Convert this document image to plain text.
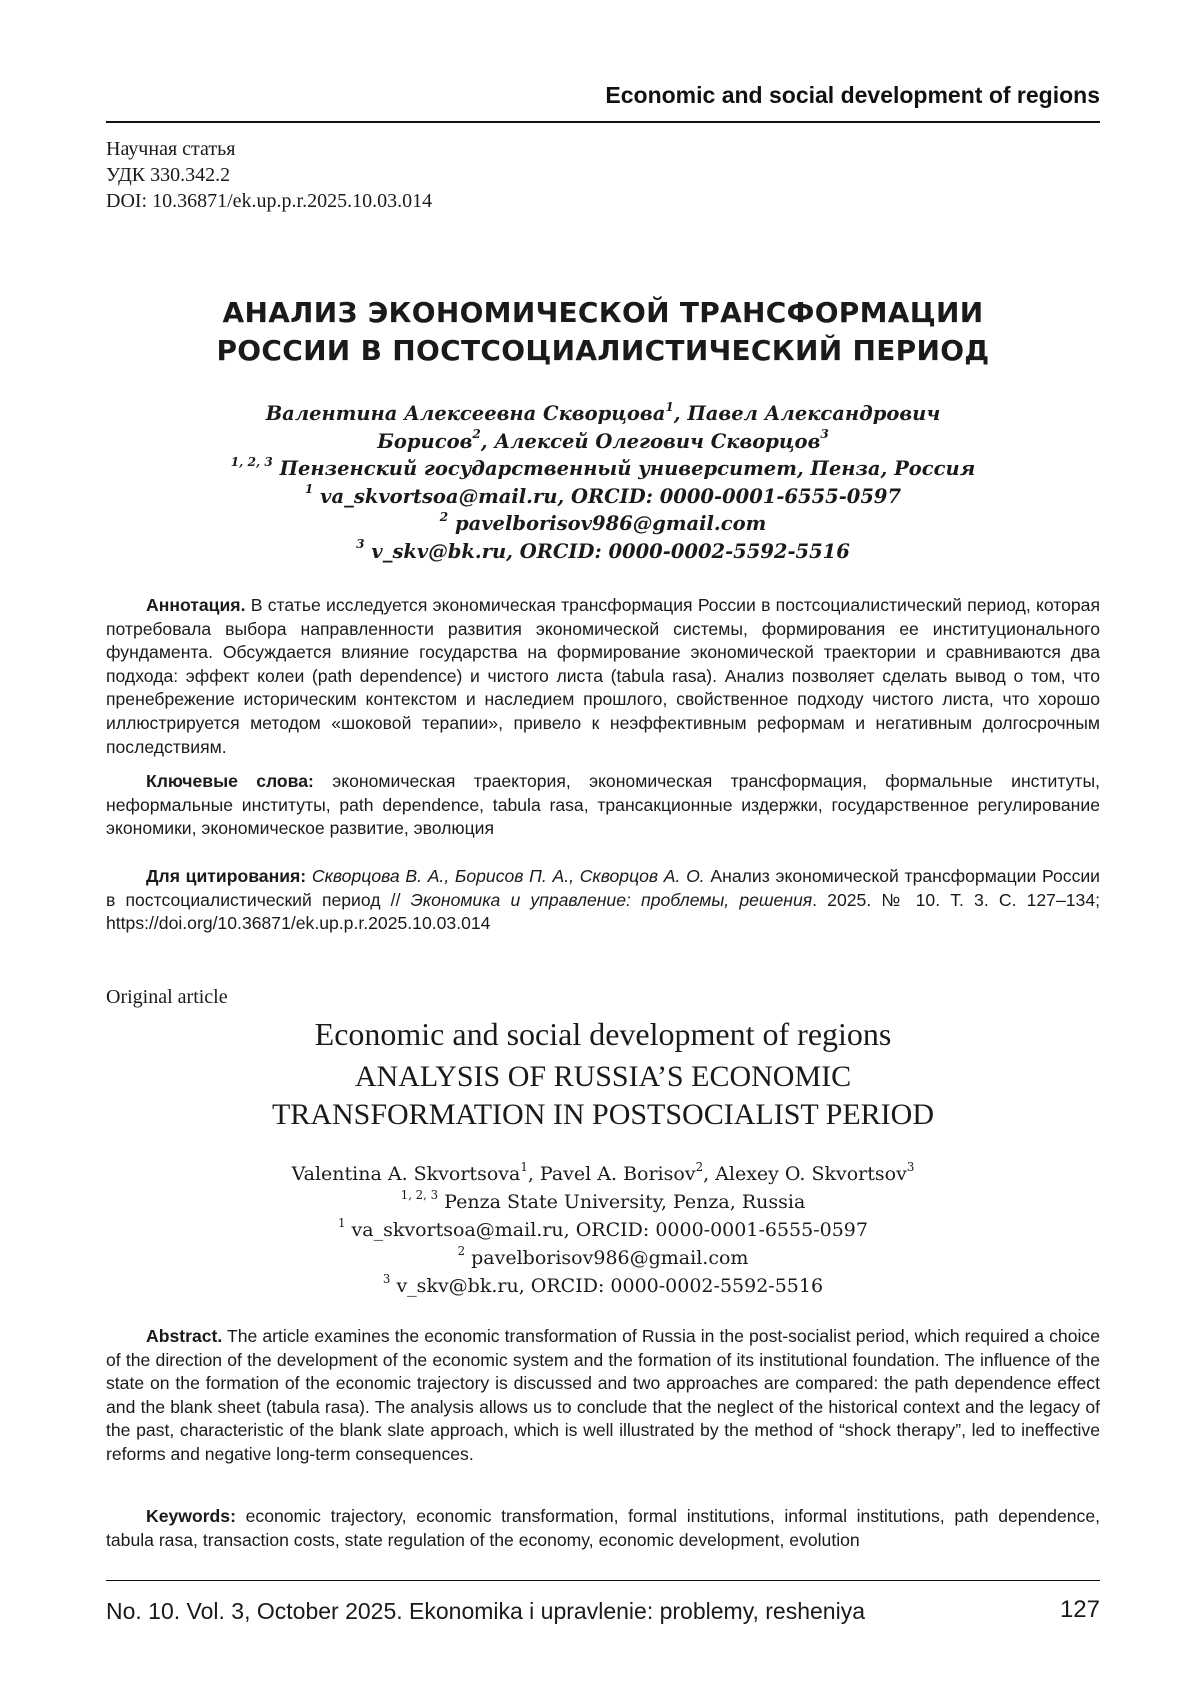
Economic and social development of regions
Научная статья
УДК 330.342.2
DOI: 10.36871/ek.up.p.r.2025.10.03.014
АНАЛИЗ ЭКОНОМИЧЕСКОЙ ТРАНСФОРМАЦИИ
РОССИИ В ПОСТСОЦИАЛИСТИЧЕСКИЙ ПЕРИОД
Валентина Алексеевна Скворцова$^1$, Павел Александрович
Борисов$^2$, Алексей Олегович Скворцов$^3$
$^{1, 2, 3}$ Пензенский государственный университет, Пенза, Россия
$^1$ va_skvortsoa@mail.ru, ORCID: 0000-0001-6555-0597
$^2$ pavelborisov986@gmail.com
$^3$ v_skv@bk.ru, ORCID: 0000-0002-5592-5516
Аннотация. В статье исследуется экономическая трансформация России в постсоциалистический период, которая потребовала выбора направленности развития экономической системы, формирования ее институционального фундамента. Обсуждается влияние государства на формирование экономической траектории и сравниваются два подхода: эффект колеи (path dependence) и чистого листа (tabula rasa). Анализ позволяет сделать вывод о том, что пренебрежение историческим контекстом и наследием прошлого, свойственное подходу чистого листа, что хорошо иллюстрируется методом «шоковой терапии», привело к неэффективным реформам и негативным долгосрочным последствиям.
Ключевые слова: экономическая траектория, экономическая трансформация, формальные институты, неформальные институты, path dependence, tabula rasa, трансакционные издержки, государственное регулирование экономики, экономическое развитие, эволюция
Для цитирования: Скворцова В. А., Борисов П. А., Скворцов А. О. Анализ экономической трансформации России в постсоциалистический период // Экономика и управление: проблемы, решения. 2025. № 10. Т. 3. С. 127–134; https://doi.org/10.36871/ek.up.p.r.2025.10.03.014
Original article
Economic and social development of regions
ANALYSIS OF RUSSIA’S ECONOMIC
TRANSFORMATION IN POSTSOCIALIST PERIOD
Valentina A. Skvortsova$^1$, Pavel A. Borisov$^2$, Alexey O. Skvortsov$^3$
$^{1, 2, 3}$ Penza State University, Penza, Russia
$^1$ va_skvortsoa@mail.ru, ORCID: 0000-0001-6555-0597
$^2$ pavelborisov986@gmail.com
$^3$ v_skv@bk.ru, ORCID: 0000-0002-5592-5516
Abstract. The article examines the economic transformation of Russia in the post-socialist period, which required a choice of the direction of the development of the economic system and the formation of its institutional foundation. The influence of the state on the formation of the economic trajectory is discussed and two approaches are compared: the path dependence effect and the blank sheet (tabula rasa). The analysis allows us to conclude that the neglect of the historical context and the legacy of the past, characteristic of the blank slate approach, which is well illustrated by the method of “shock therapy”, led to ineffective reforms and negative long-term consequences.
Keywords: economic trajectory, economic transformation, formal institutions, informal institutions, path dependence, tabula rasa, transaction costs, state regulation of the economy, economic development, evolution
No. 10. Vol. 3, October 2025. Ekonomika i upravlenie: problemy, resheniya	127
